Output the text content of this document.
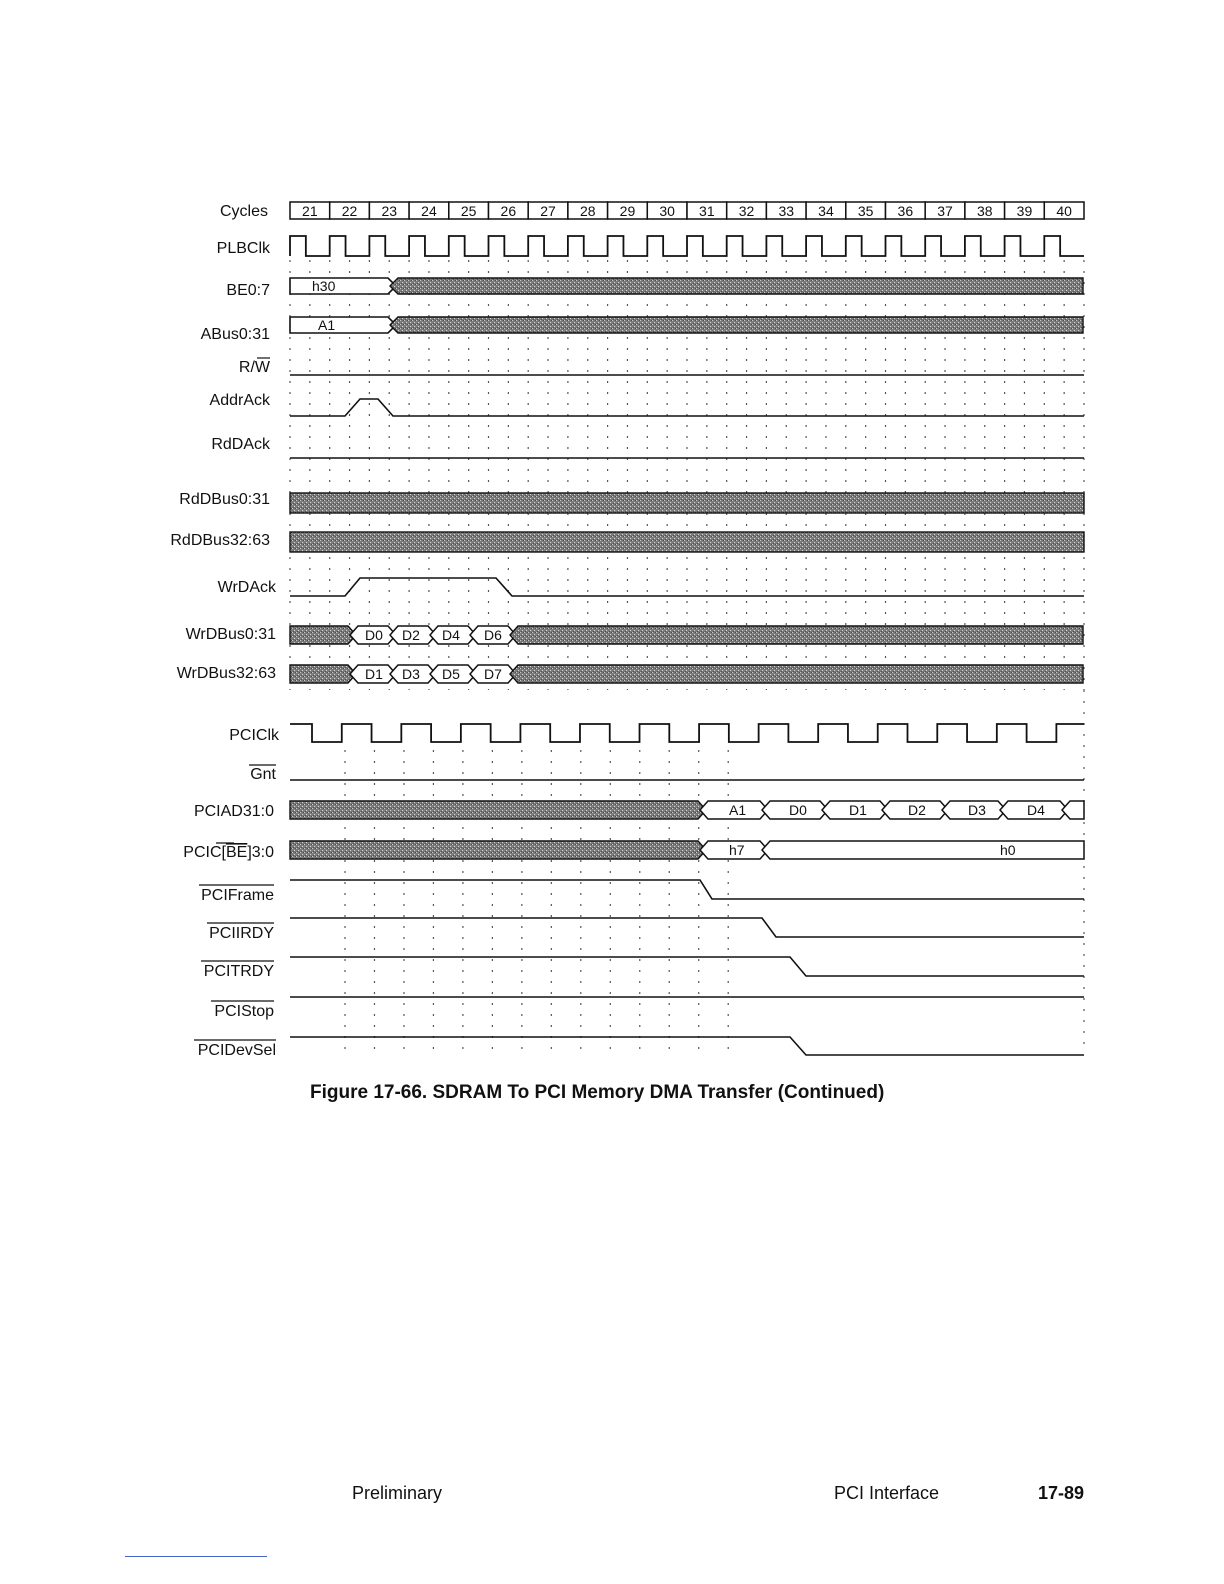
Cycles 21 22 23 24 25 26 27 28 29 30 31 32 33 34 35 36 37 38 39 40
PLBClk
BE0:7
ABus0:31
R/W
AddrAck
RdDAck
RdDBus0:31
RdDBus32:63
WrDAck
WrDBus0:31
WrDBus32:63
PCIClk
Gnt
PCIAD31:0
PCIC[BE]3:0
PCIFrame
PCIIRDY
PCITRDY
PCIStop
PCIDevSel
h30
A1
D0 D2 D4 D6
D1 D3 D5 D7
A1	D0	D1	D2	D3	D4
h7	h0
Figure 17-66. SDRAM To PCI Memory DMA Transfer (Continued)
Preliminary	PCI Interface	17-89
